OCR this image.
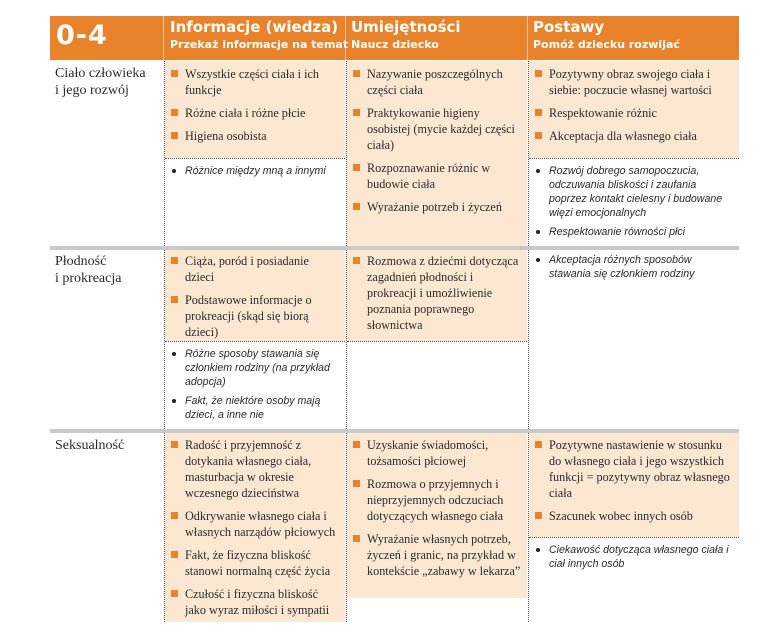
0-4	Informacje (wiedza)
Przekaż informacje na temat
Umiejętności
Naucz dziecko
Postawy
Pomóż dziecku rozwijać
Ciało człowieka
i jego rozwój
Wszystkie części ciała i ich funkcje
Różne ciała i różne płcie
Higiena osobista
Różnice między mną a innymi
Nazywanie poszczególnych części ciała
Praktykowanie higieny osobistej (mycie każdej części ciała)
Rozpoznawanie różnic w budowie ciała
Wyrażanie potrzeb i życzeń
Pozytywny obraz swojego ciała i siebie: poczucie własnej wartości
Respektowanie różnic
Akceptacja dla własnego ciała
Rozwój dobrego samopoczucia, odczuwania bliskości i zaufania poprzez kontakt cielesny i budowane więzi emocjonalnych
Respektowanie równości płci
Płodność
i prokreacja
Ciąża, poród i posiadanie dzieci
Podstawowe informacje o prokreacji (skąd się biorą dzieci)
Różne sposoby stawania się członkiem rodziny (na przykład adopcja)
Fakt, że niektóre osoby mają dzieci, a inne nie
Rozmowa z dziećmi dotycząca zagadnień płodności i prokreacji i umożliwienie poznania poprawnego słownictwa
Akceptacja różnych sposobów stawania się członkiem rodziny
Seksualność	Radość i przyjemność z dotykania własnego ciała, masturbacja w okresie wczesnego dzieciństwa
Odkrywanie własnego ciała i własnych narządów płciowych
Fakt, że fizyczna bliskość stanowi normalną część życia
Czułość i fizyczna bliskość jako wyraz miłości i sympatii
Uzyskanie świadomości, tożsamości płciowej
Rozmowa o przyjemnych i nieprzyjemnych odczuciach dotyczących własnego ciała
Wyrażanie własnych potrzeb, życzeń i granic, na przykład w kontekście „zabawy w lekarza”
Pozytywne nastawienie w stosunku do własnego ciała i jego wszystkich funkcji = pozytywny obraz własnego ciała
Szacunek wobec innych osób
Ciekawość dotycząca własnego ciała i ciał innych osób
